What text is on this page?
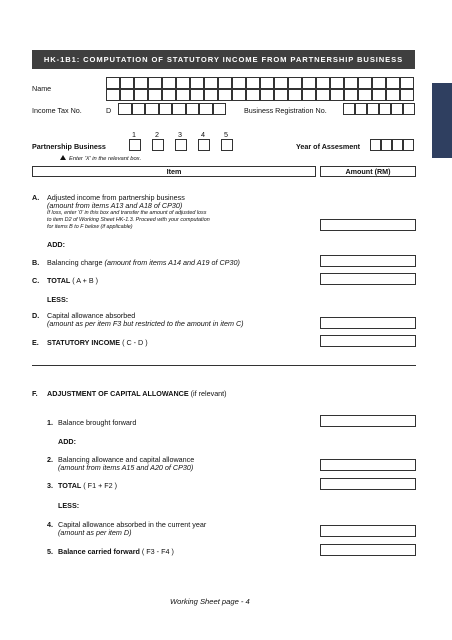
HK-1B1: COMPUTATION OF STATUTORY INCOME FROM PARTNERSHIP BUSINESS
Name
Income Tax No.	D	Business Registration No.
1	2	3	4	5
Partnership Business	Year of Assesment
Enter ‘X’ in the relevant box.
Item	Amount (RM)
A. Adjusted income from partnership business
(amount from items A13 and A18 of CP30)
If loss, enter ‘0’ in this box and transfer the amount of adjusted loss
to item D2 of Working Sheet HK-1.3. Proceed with your computation
for items B to F below (if applicable)
ADD:
B. Balancing charge (amount from items A14 and A19 of CP30)
C. TOTAL ( A + B )
LESS:
D. Capital allowance absorbed
(amount as per item F3 but restricted to the amount in item C)
E. STATUTORY INCOME ( C - D )
F. ADJUSTMENT OF CAPITAL ALLOWANCE (if relevant)
1. Balance brought forward
ADD:
2. Balancing allowance and capital allowance
(amount from items A15 and A20 of CP30)
3. TOTAL ( F1 + F2 )
LESS:
4. Capital allowance absorbed in the current year
(amount as per item D)
5. Balance carried forward ( F3 - F4 )
Working Sheet page - 4
